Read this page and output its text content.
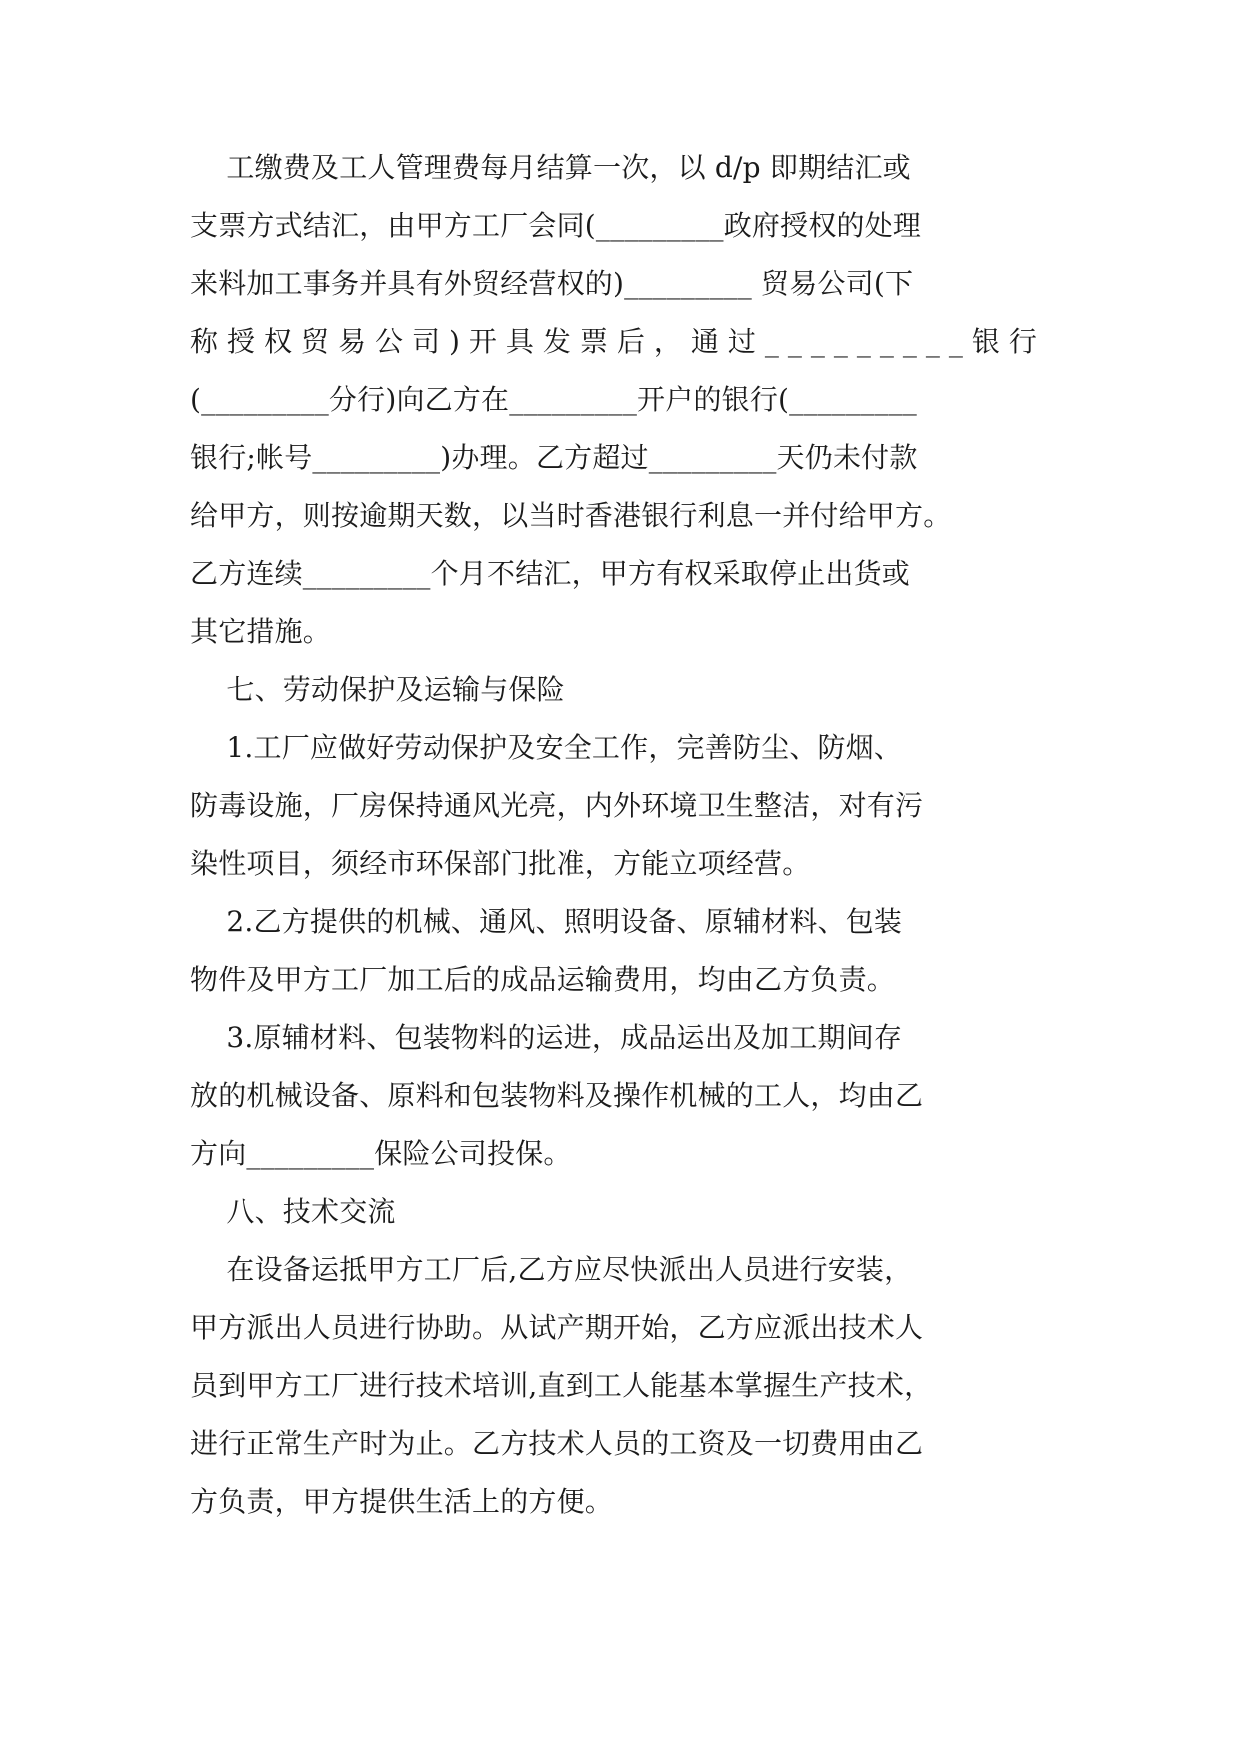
工缴费及工人管理费每月结算一次，以 d/p 即期结汇或
支票方式结汇，由甲方工厂会同(_________政府授权的处理
来料加工事务并具有外贸经营权的)_________ 贸易公司(下
称授权贸易公司)开具发票后，通过_________银行
(_________分行)向乙方在_________开户的银行(_________
银行;帐号_________)办理。乙方超过_________天仍未付款
给甲方，则按逾期天数，以当时香港银行利息一并付给甲方。
乙方连续_________个月不结汇，甲方有权采取停止出货或
其它措施。
七、劳动保护及运输与保险
1.工厂应做好劳动保护及安全工作，完善防尘、防烟、
防毒设施，厂房保持通风光亮，内外环境卫生整洁，对有污
染性项目，须经市环保部门批准，方能立项经营。
2.乙方提供的机械、通风、照明设备、原辅材料、包装
物件及甲方工厂加工后的成品运输费用，均由乙方负责。
3.原辅材料、包装物料的运进，成品运出及加工期间存
放的机械设备、原料和包装物料及操作机械的工人，均由乙
方向_________保险公司投保。
八、技术交流
在设备运抵甲方工厂后,乙方应尽快派出人员进行安装，
甲方派出人员进行协助。从试产期开始，乙方应派出技术人
员到甲方工厂进行技术培训,直到工人能基本掌握生产技术，
进行正常生产时为止。乙方技术人员的工资及一切费用由乙
方负责，甲方提供生活上的方便。
